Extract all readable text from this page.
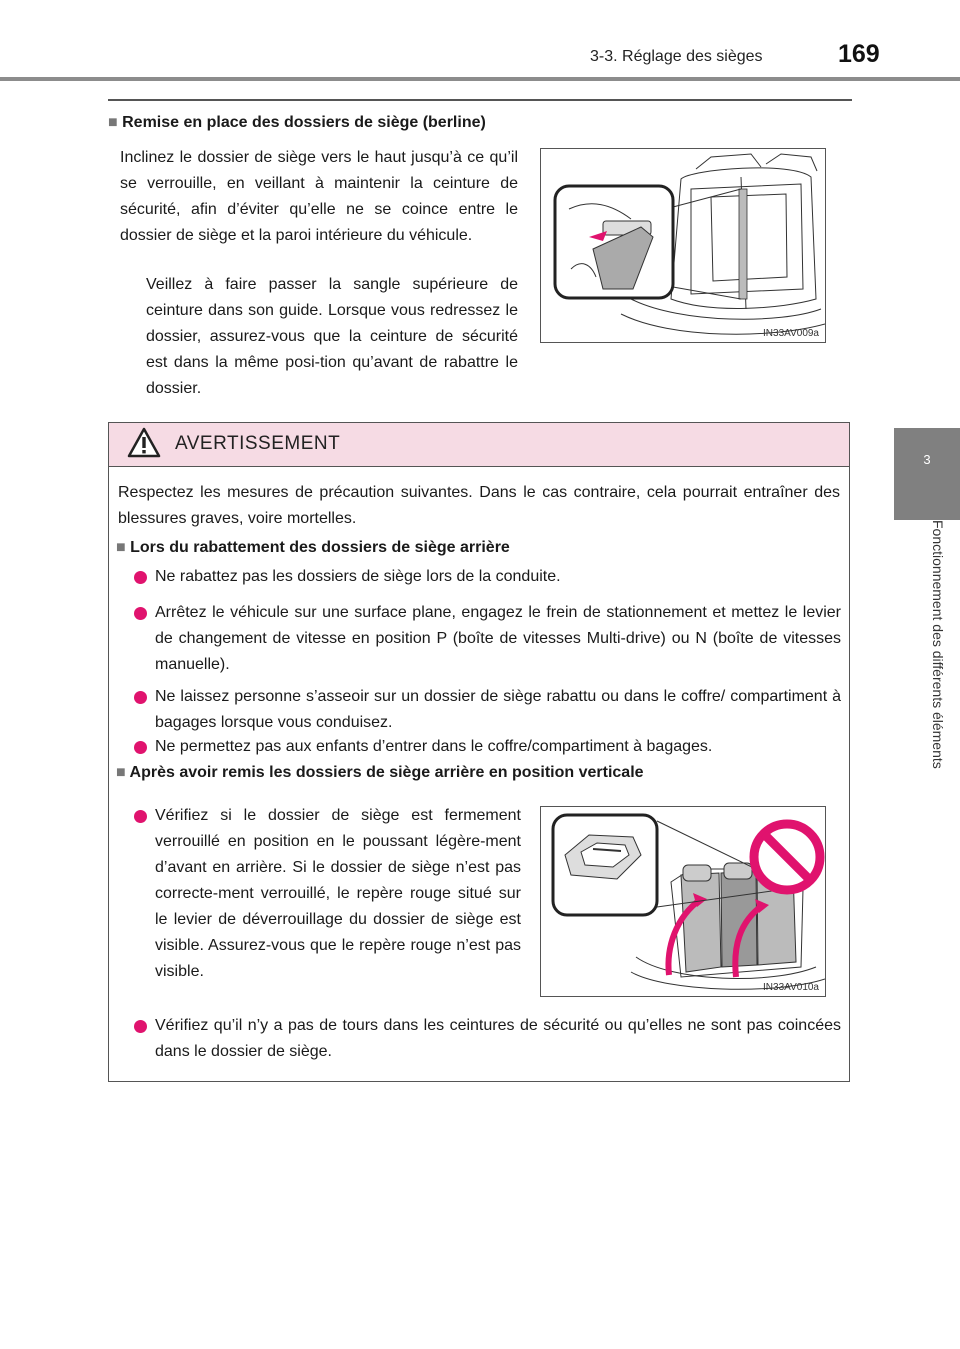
3-3. Réglage des sièges	169
3
Fonctionnement des différents éléments
■ Remise en place des dossiers de siège (berline)
Inclinez le dossier de siège vers le haut jusqu’à ce qu’il se verrouille, en veillant à maintenir la ceinture de sécurité, afin d’éviter qu’elle ne se coince entre le dossier de siège et la paroi intérieure du véhicule.
Veillez à faire passer la sangle supérieure de ceinture dans son guide. Lorsque vous redressez le dossier, assurez-vous que la ceinture de sécurité est dans la même posi-tion qu’avant de rabattre le dossier.
IN33AV009a
AVERTISSEMENT
Respectez les mesures de précaution suivantes. Dans le cas contraire, cela pourrait entraîner des blessures graves, voire mortelles.
■ Lors du rabattement des dossiers de siège arrière
Ne rabattez pas les dossiers de siège lors de la conduite.
Arrêtez le véhicule sur une surface plane, engagez le frein de stationnement et mettez le levier de changement de vitesse en position P (boîte de vitesses Multi-drive) ou N (boîte de vitesses manuelle).
Ne laissez personne s’asseoir sur un dossier de siège rabattu ou dans le coffre/ compartiment à bagages lorsque vous conduisez.
Ne permettez pas aux enfants d’entrer dans le coffre/compartiment à bagages.
■ Après avoir remis les dossiers de siège arrière en position verticale
Vérifiez si le dossier de siège est fermement verrouillé en position en le poussant légère-ment d’avant en arrière. Si le dossier de siège n’est pas correcte-ment verrouillé, le repère rouge situé sur le levier de déverrouillage du dossier de siège est visible. Assurez-vous que le repère rouge n’est pas visible.
IN33AV010a
Vérifiez qu’il n’y a pas de tours dans les ceintures de sécurité ou qu’elles ne sont pas coincées dans le dossier de siège.
